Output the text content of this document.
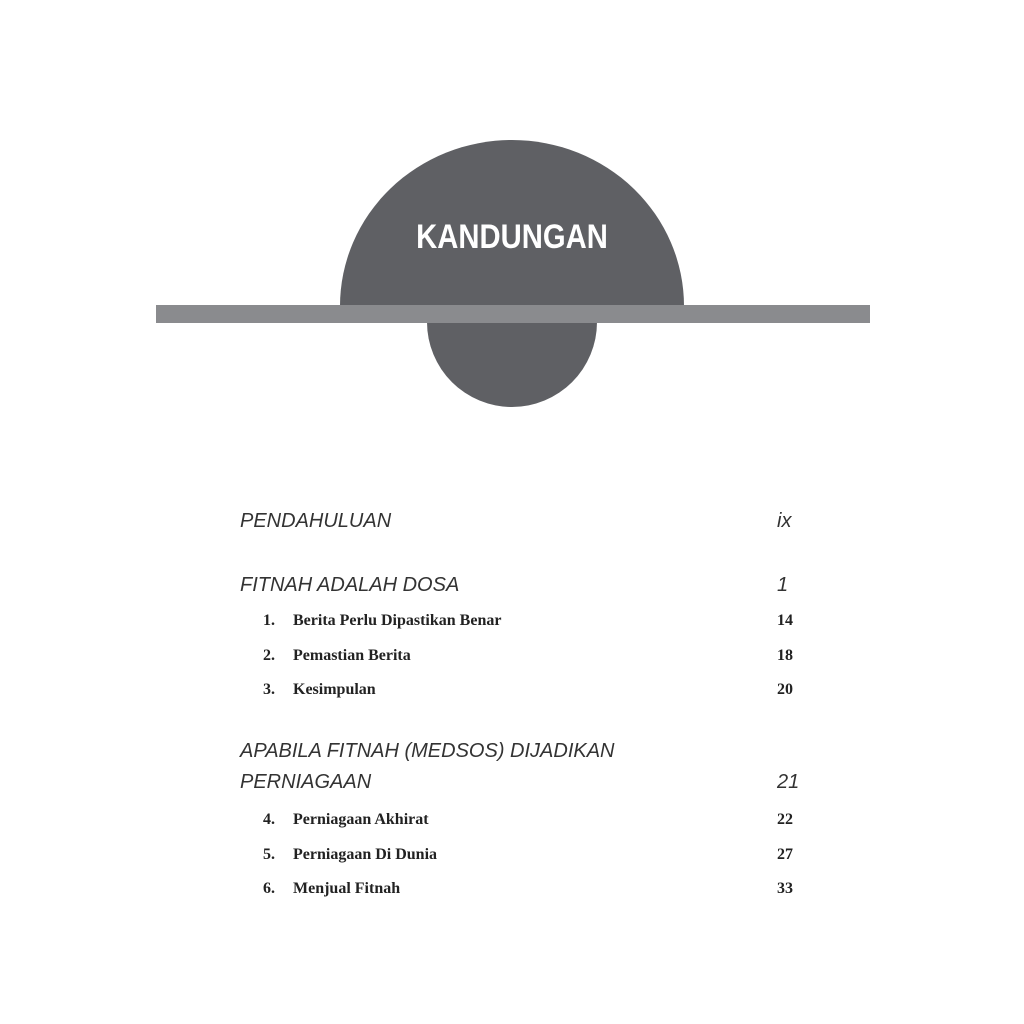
KANDUNGAN
PENDAHULUAN	ix
FITNAH ADALAH DOSA	1
1. Berita Perlu Dipastikan Benar	14
2. Pemastian Berita	18
3. Kesimpulan	20
APABILA FITNAH (MEDSOS) DIJADIKAN
PERNIAGAAN	21
4. Perniagaan Akhirat	22
5. Perniagaan Di Dunia	27
6. Menjual Fitnah	33
